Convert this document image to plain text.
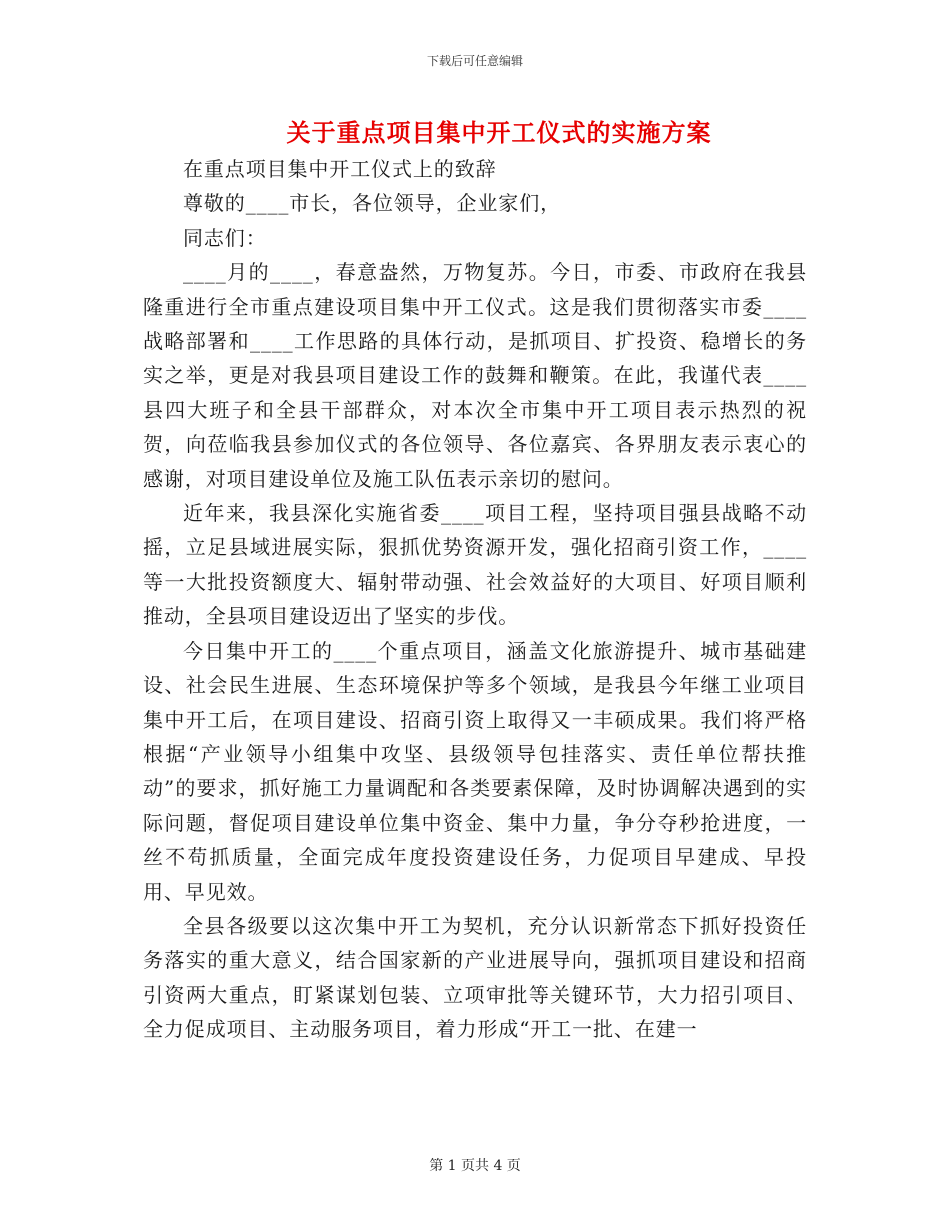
下载后可任意编辑
关于重点项目集中开工仪式的实施方案

在重点项目集中开工仪式上的致辞

尊敬的____市长，各位领导，企业家们，

同志们：

____月的____，春意盎然，万物复苏。今日，市委、市政府在我县隆重进行全市重点建设项目集中开工仪式。这是我们贯彻落实市委____战略部署和____工作思路的具体行动，是抓项目、扩投资、稳增长的务实之举，更是对我县项目建设工作的鼓舞和鞭策。在此，我谨代表____县四大班子和全县干部群众，对本次全市集中开工项目表示热烈的祝贺，向莅临我县参加仪式的各位领导、各位嘉宾、各界朋友表示衷心的感谢，对项目建设单位及施工队伍表示亲切的慰问。

近年来，我县深化实施省委____项目工程，坚持项目强县战略不动摇，立足县域进展实际，狠抓优势资源开发，强化招商引资工作，____等一大批投资额度大、辐射带动强、社会效益好的大项目、好项目顺利推动，全县项目建设迈出了坚实的步伐。

今日集中开工的____个重点项目，涵盖文化旅游提升、城市基础建设、社会民生进展、生态环境保护等多个领域，是我县今年继工业项目集中开工后，在项目建设、招商引资上取得又一丰硕成果。我们将严格根据“产业领导小组集中攻坚、县级领导包挂落实、责任单位帮扶推动”的要求，抓好施工力量调配和各类要素保障，及时协调解决遇到的实际问题，督促项目建设单位集中资金、集中力量，争分夺秒抢进度，一丝不苟抓质量，全面完成年度投资建设任务，力促项目早建成、早投用、早见效。

全县各级要以这次集中开工为契机，充分认识新常态下抓好投资任务落实的重大意义，结合国家新的产业进展导向，强抓项目建设和招商引资两大重点，盯紧谋划包装、立项审批等关键环节，大力招引项目、全力促成项目、主动服务项目，着力形成“开工一批、在建一

第 1 页共 4 页
